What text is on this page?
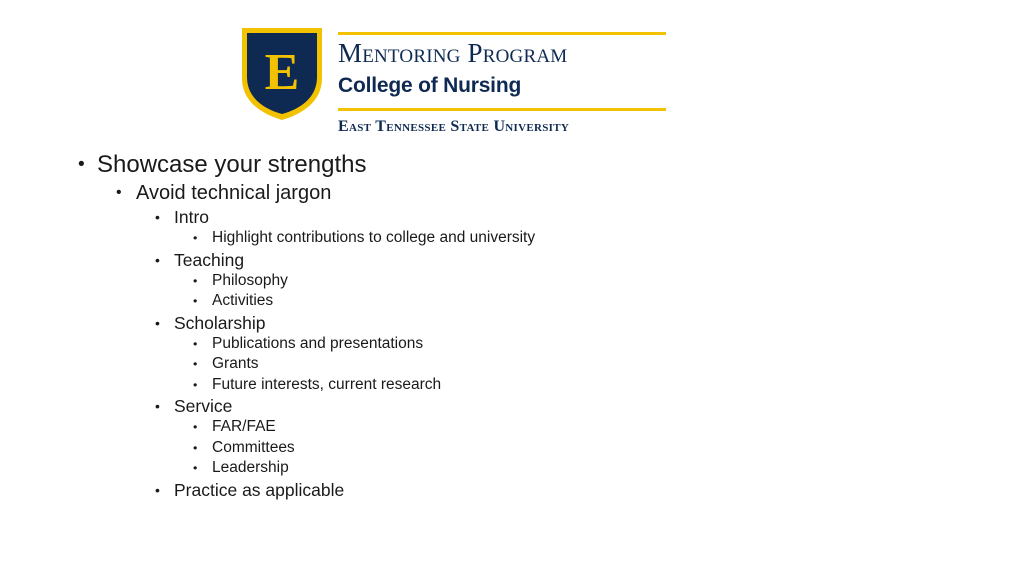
E Mentoring Program
College of Nursing
East Tennessee State University
• Showcase your strengths
• Avoid technical jargon
• Intro
• Highlight contributions to college and university
• Teaching
• Philosophy
• Activities
• Scholarship
• Publications and presentations
• Grants
• Future interests, current research
• Service
• FAR/FAE
• Committees
• Leadership
• Practice as applicable
